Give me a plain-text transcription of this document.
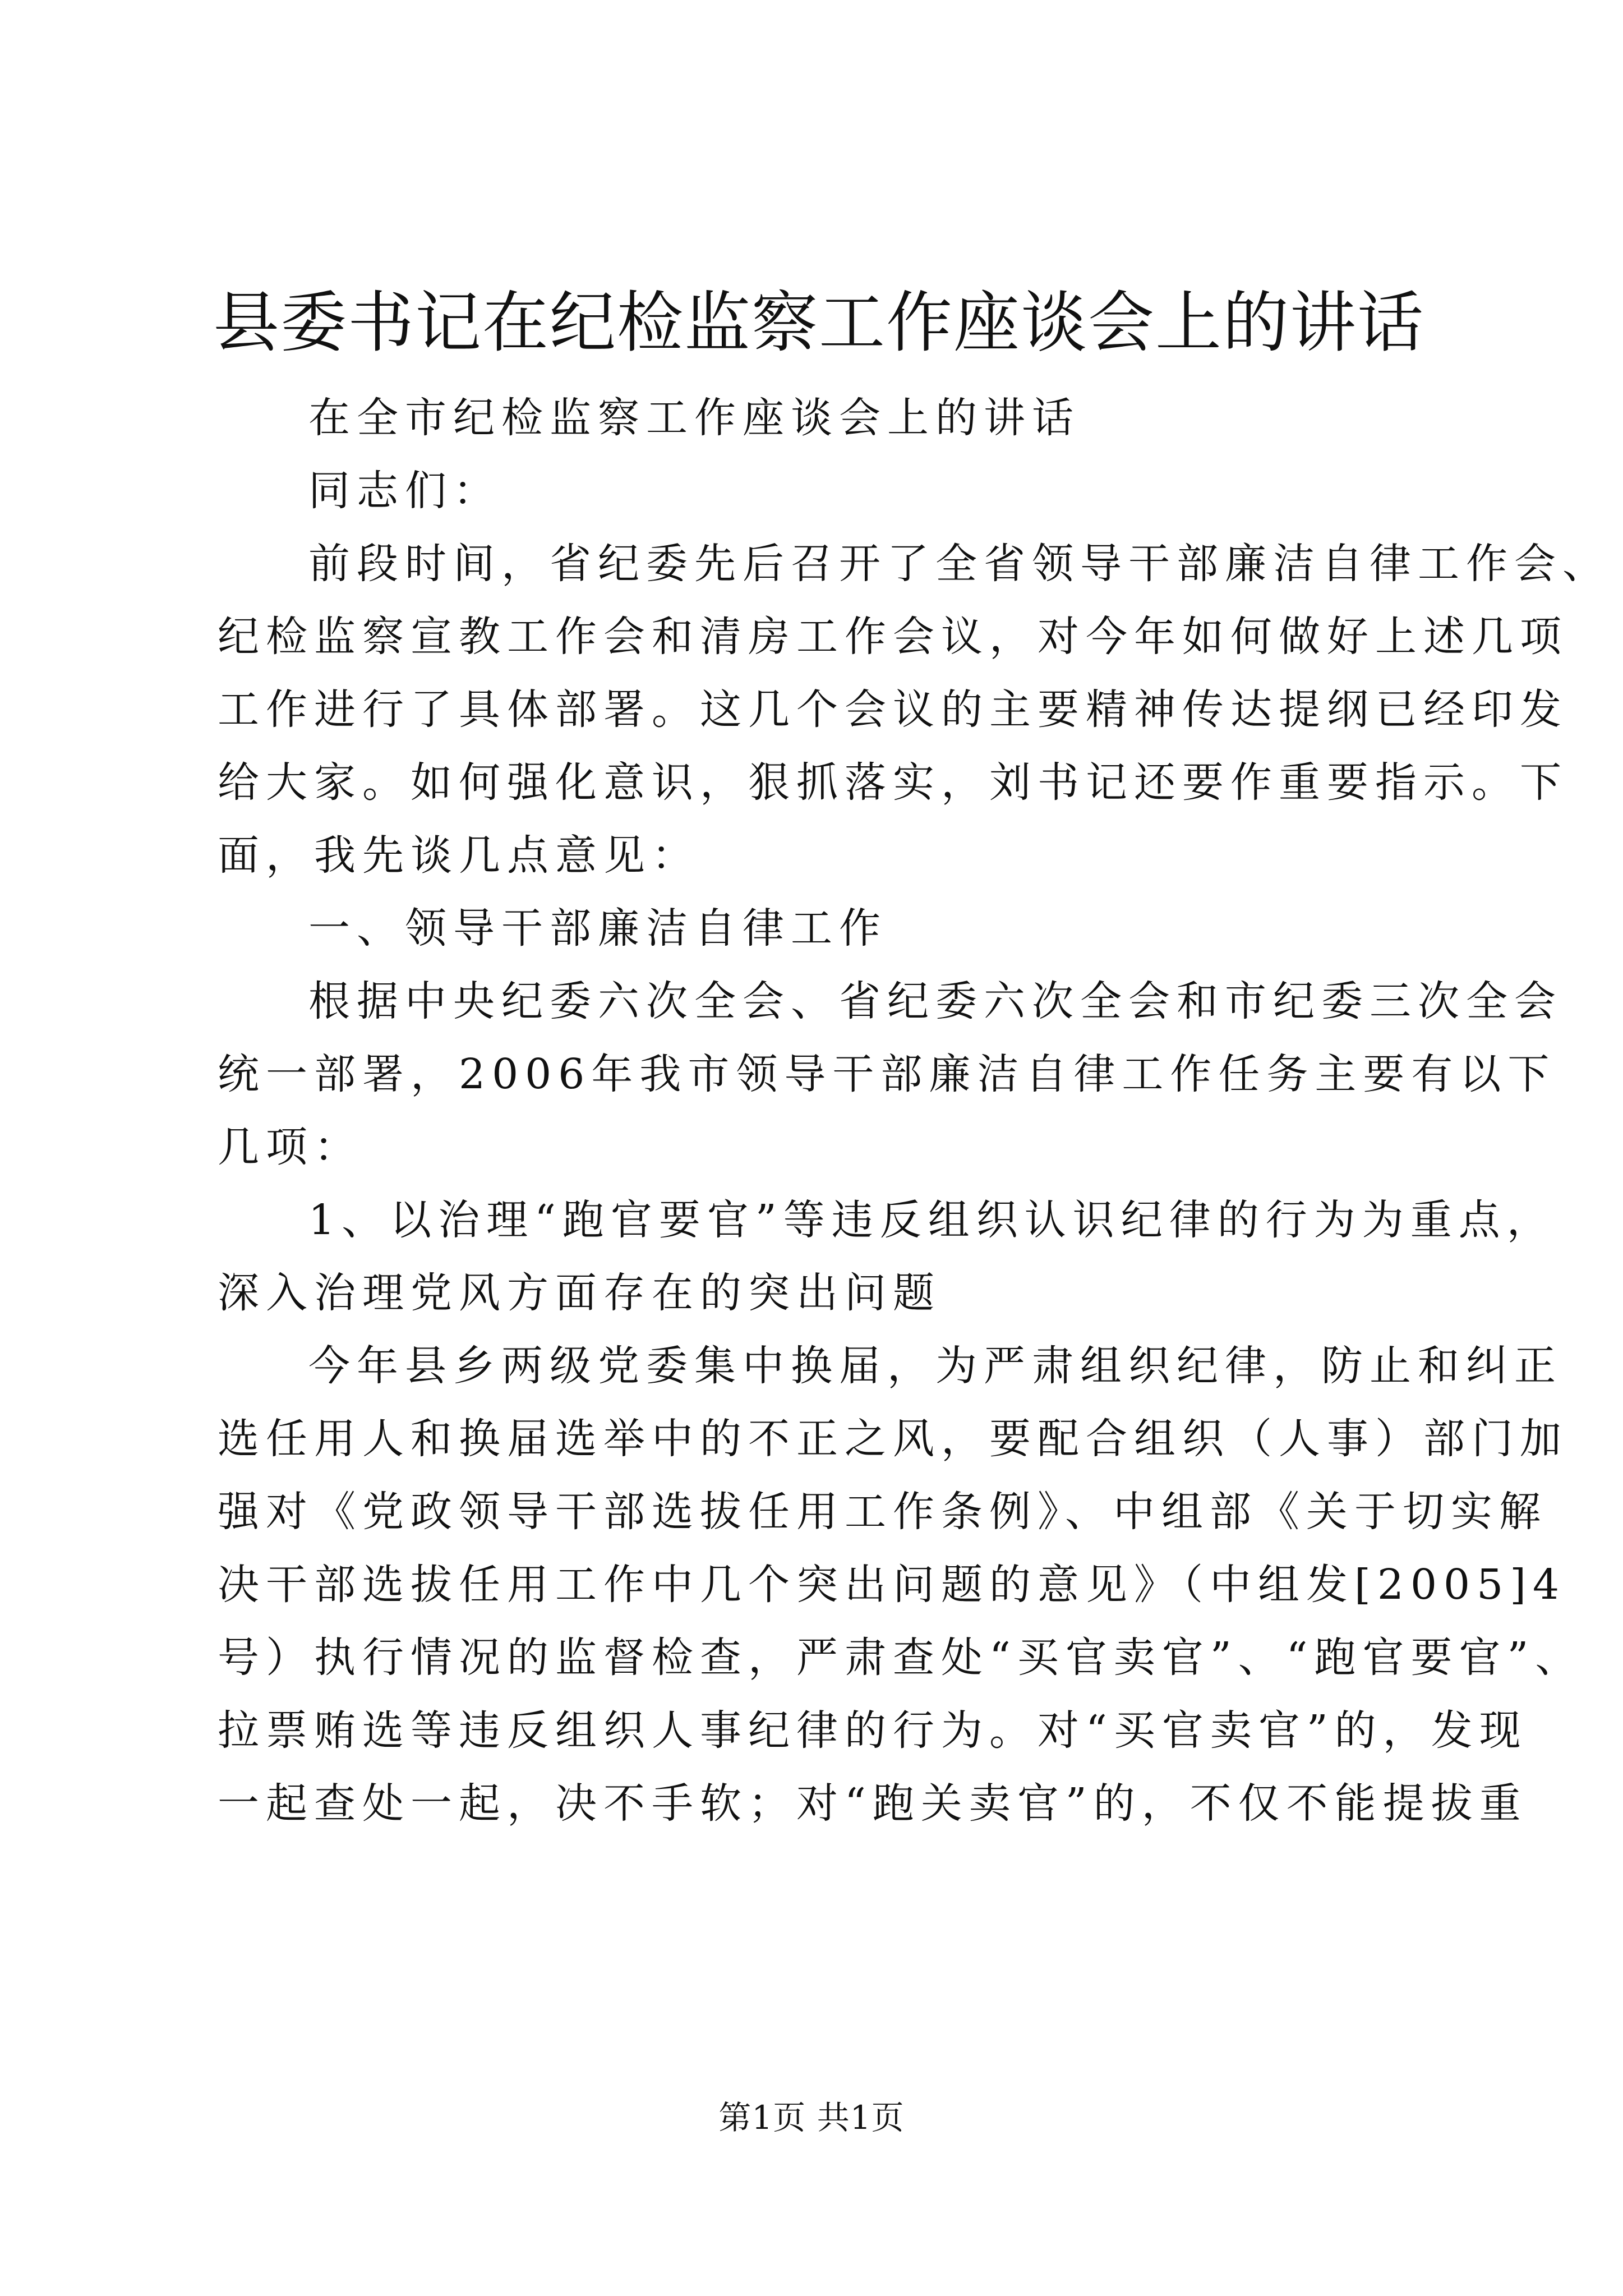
县委书记在纪检监察工作座谈会上的讲话
在全市纪检监察工作座谈会上的讲话
同志们：
前段时间，省纪委先后召开了全省领导干部廉洁自律工作会、
纪检监察宣教工作会和清房工作会议，对今年如何做好上述几项
工作进行了具体部署。这几个会议的主要精神传达提纲已经印发
给大家。如何强化意识，狠抓落实，刘书记还要作重要指示。下
面，我先谈几点意见：
一、领导干部廉洁自律工作
根据中央纪委六次全会、省纪委六次全会和市纪委三次全会
统一部署，2006年我市领导干部廉洁自律工作任务主要有以下
几项：
1、以治理“跑官要官”等违反组织认识纪律的行为为重点，
深入治理党风方面存在的突出问题
今年县乡两级党委集中换届，为严肃组织纪律，防止和纠正
选任用人和换届选举中的不正之风，要配合组织（人事）部门加
强对《党政领导干部选拔任用工作条例》、中组部《关于切实解
决干部选拔任用工作中几个突出问题的意见》（中组发[2005]4
号）执行情况的监督检查，严肃查处“买官卖官”、“跑官要官”、
拉票贿选等违反组织人事纪律的行为。对“买官卖官”的，发现
一起查处一起，决不手软；对“跑关卖官”的，不仅不能提拔重
第1页 共1页
